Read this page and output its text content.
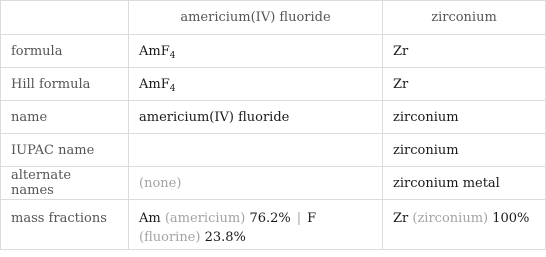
	americium(IV) fluoride	zirconium
formula	AmF$_4$	Zr
Hill formula	AmF$_4$	Zr
name	americium(IV) fluoride	zirconium
IUPAC name		zirconium
alternate names	(none)	zirconium metal
mass fractions	Am (americium) 76.2% | F (fluorine) 23.8%	Zr (zirconium) 100%
